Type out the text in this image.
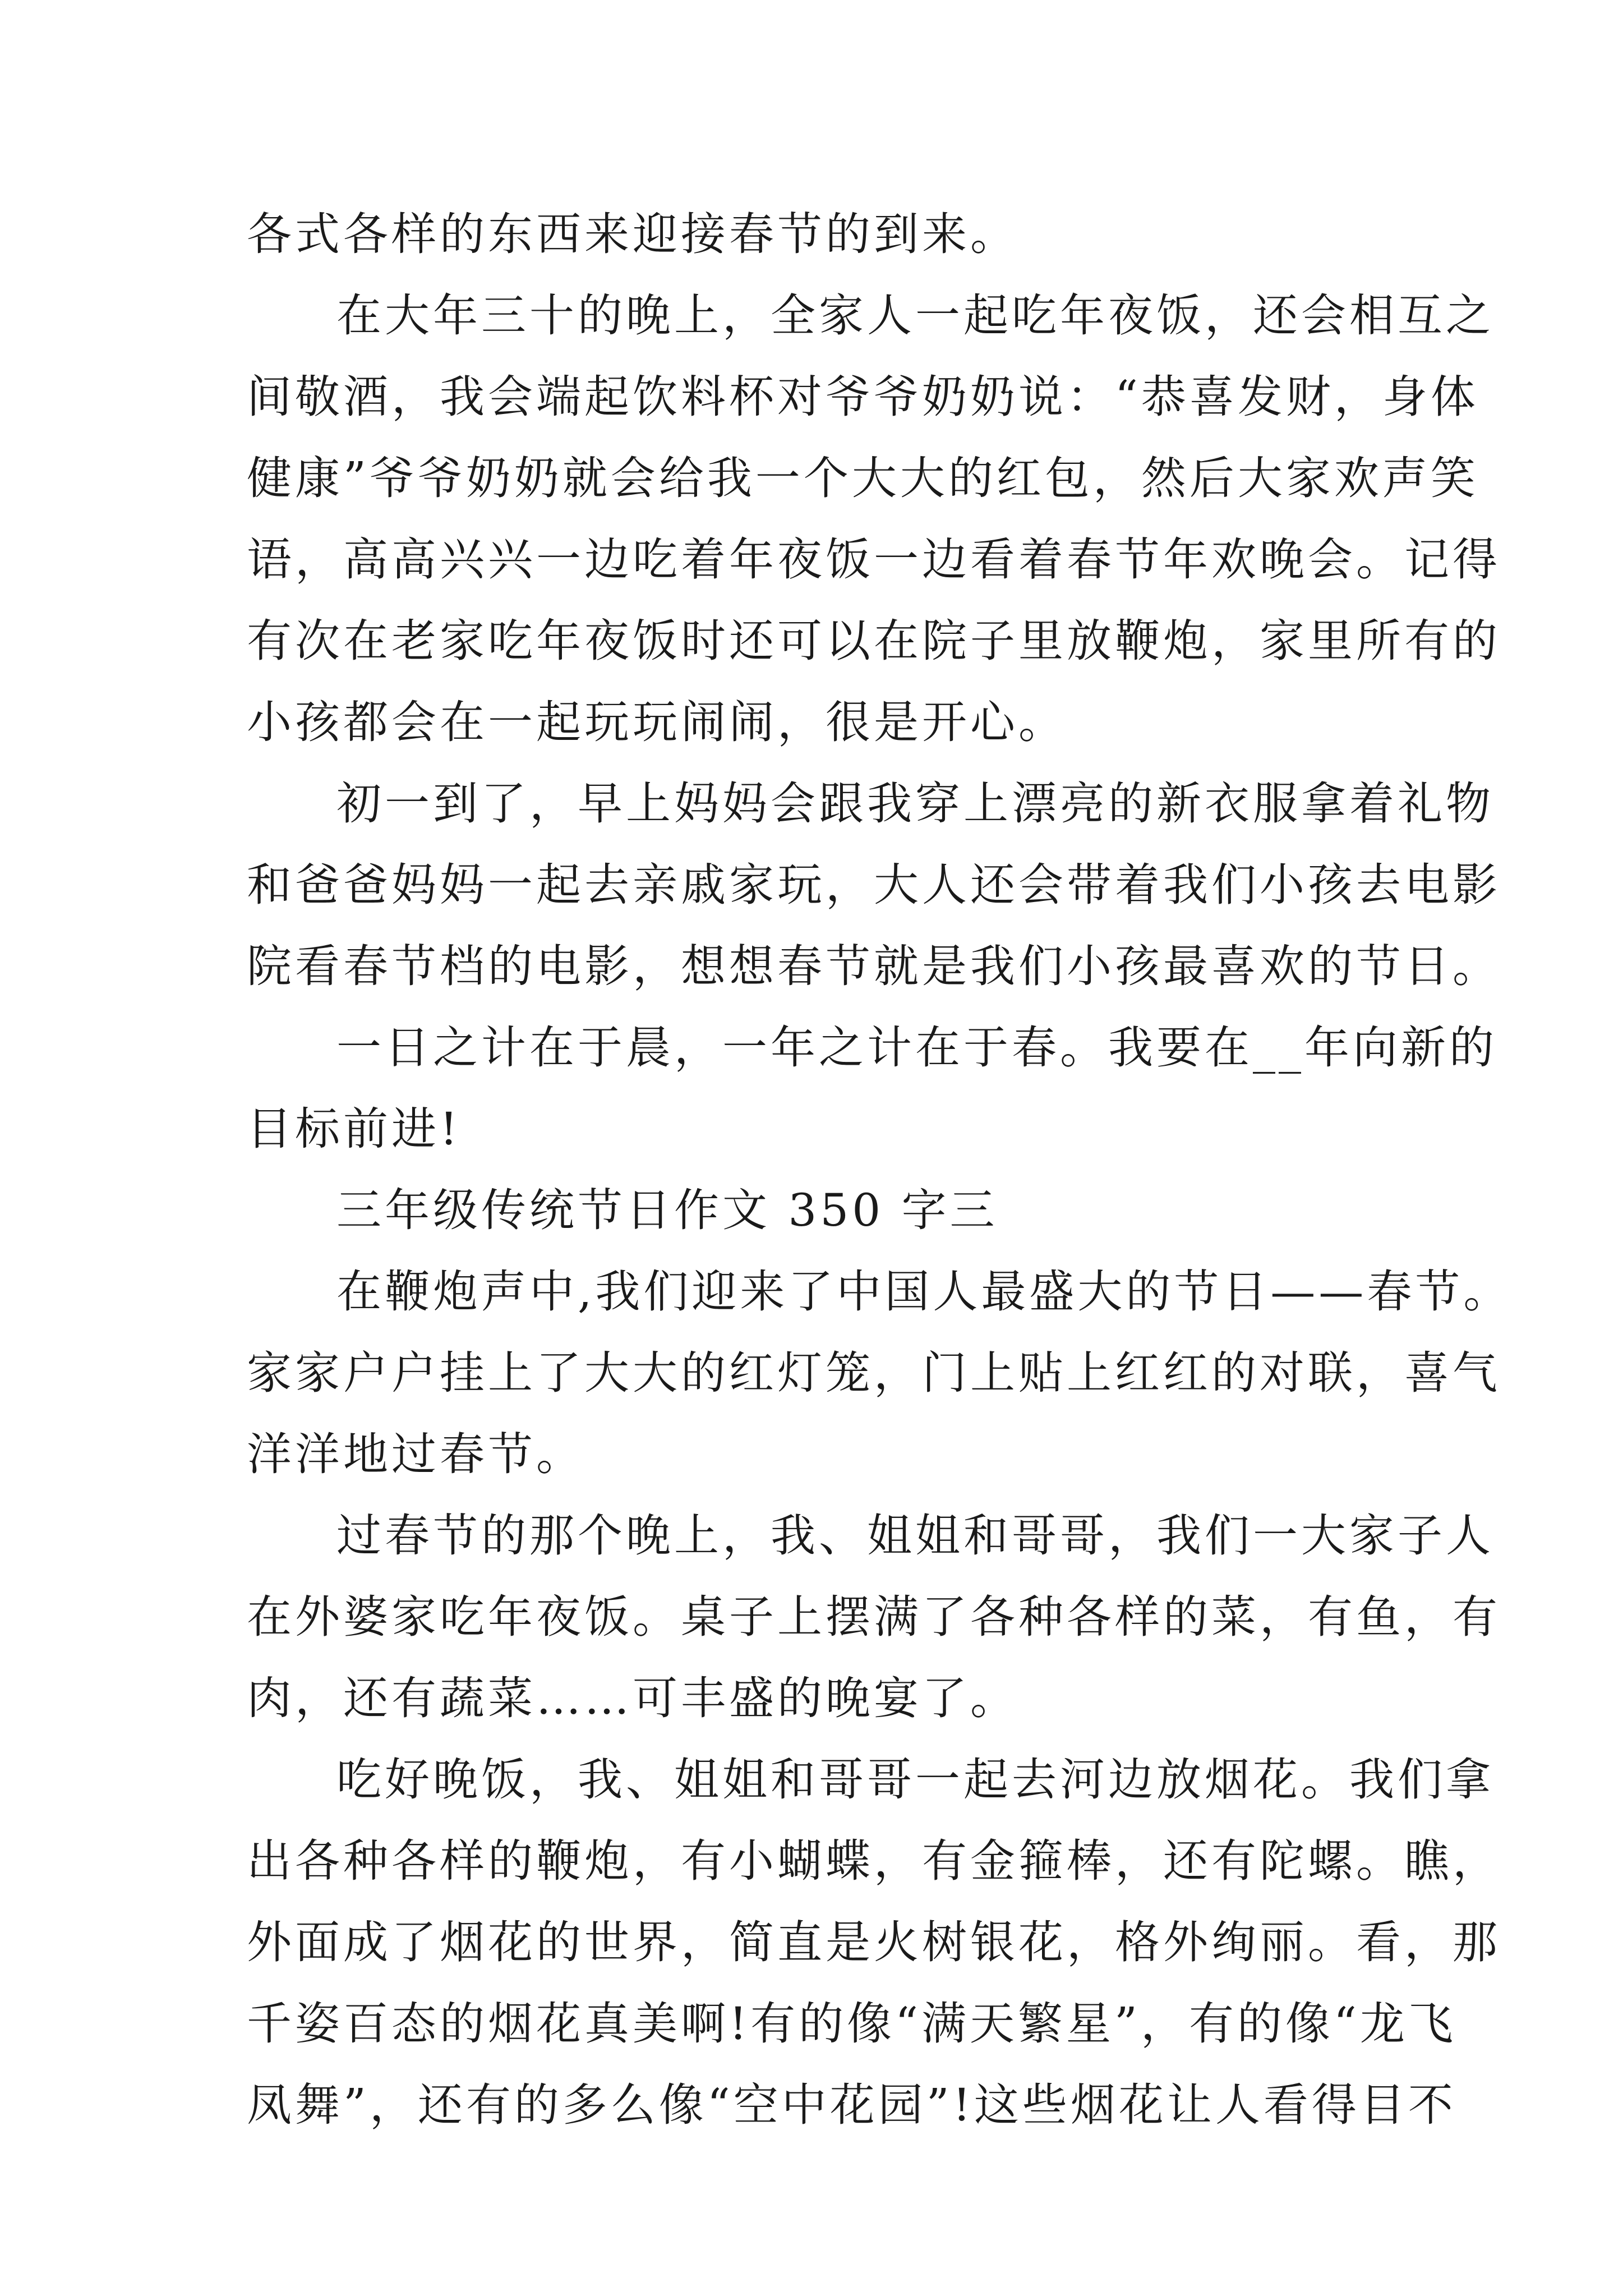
各式各样的东西来迎接春节的到来。
在大年三十的晚上，全家人一起吃年夜饭，还会相互之
间敬酒，我会端起饮料杯对爷爷奶奶说：“恭喜发财，身体
健康”爷爷奶奶就会给我一个大大的红包，然后大家欢声笑
语，高高兴兴一边吃着年夜饭一边看着春节年欢晚会。记得
有次在老家吃年夜饭时还可以在院子里放鞭炮，家里所有的
小孩都会在一起玩玩闹闹，很是开心。
初一到了，早上妈妈会跟我穿上漂亮的新衣服拿着礼物
和爸爸妈妈一起去亲戚家玩，大人还会带着我们小孩去电影
院看春节档的电影，想想春节就是我们小孩最喜欢的节日。
一日之计在于晨，一年之计在于春。我要在__年向新的
目标前进!
三年级传统节日作文 350 字三
在鞭炮声中,我们迎来了中国人最盛大的节日——春节。
家家户户挂上了大大的红灯笼，门上贴上红红的对联，喜气
洋洋地过春节。
过春节的那个晚上，我、姐姐和哥哥，我们一大家子人
在外婆家吃年夜饭。桌子上摆满了各种各样的菜，有鱼，有
肉，还有蔬菜……可丰盛的晚宴了。
吃好晚饭，我、姐姐和哥哥一起去河边放烟花。我们拿
出各种各样的鞭炮，有小蝴蝶，有金箍棒，还有陀螺。瞧，
外面成了烟花的世界，简直是火树银花，格外绚丽。看，那
千姿百态的烟花真美啊!有的像“满天繁星”，有的像“龙飞
凤舞”，还有的多么像“空中花园”!这些烟花让人看得目不
